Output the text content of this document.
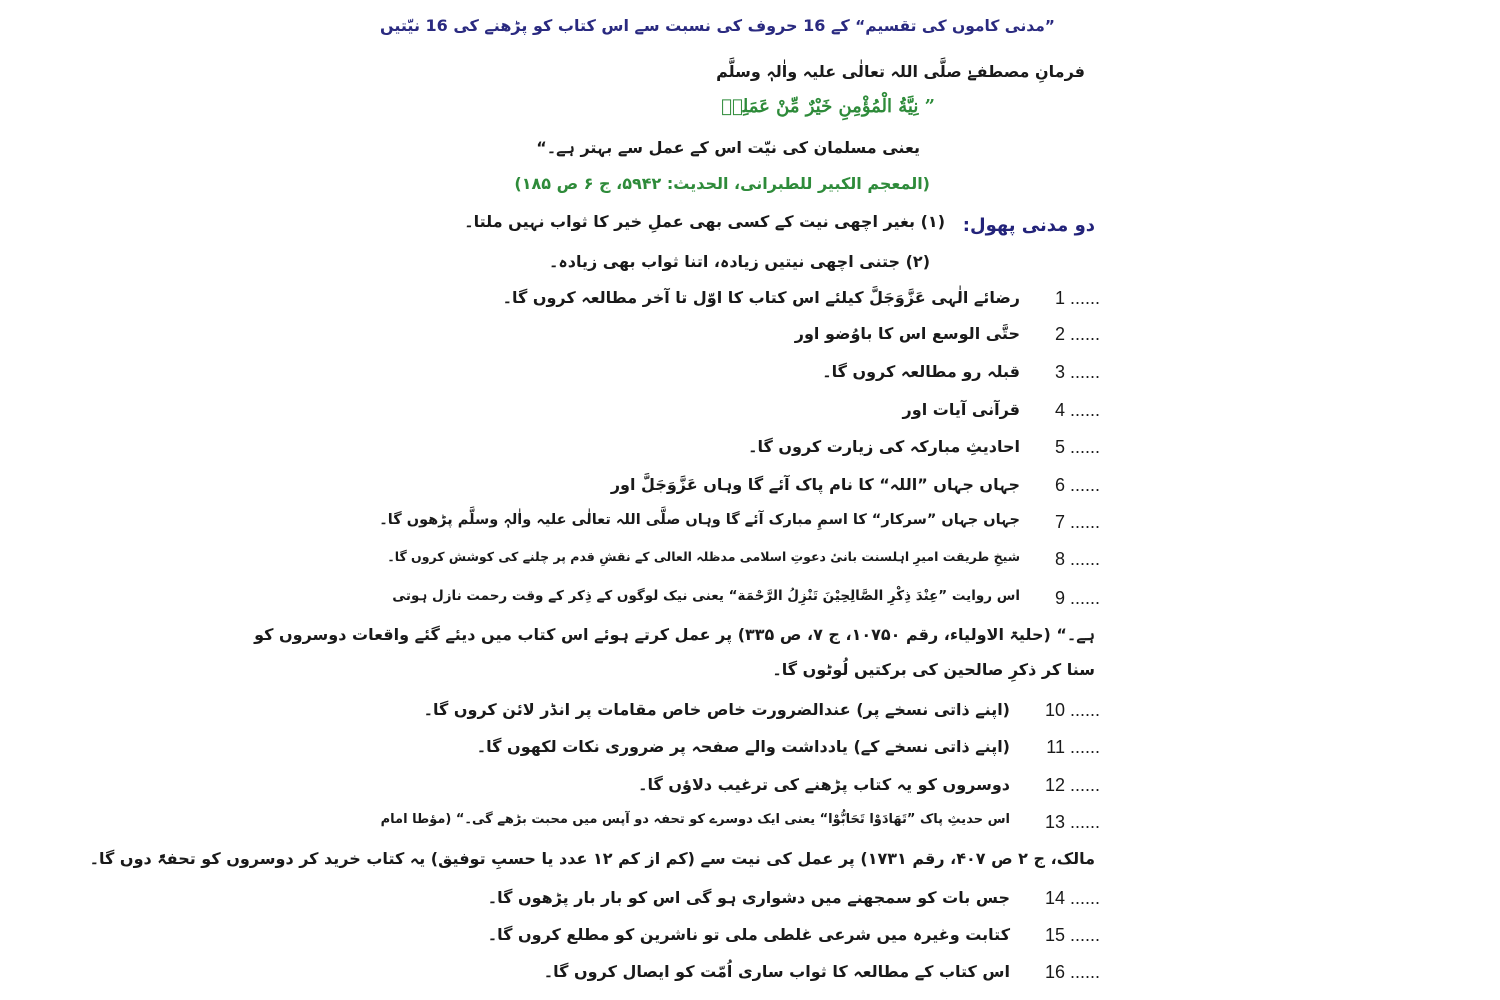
”مدنی کاموں کی تقسیم“ کے 16 حروف کی نسبت سے اس کتاب کو پڑھنے کی 16 نیّتیں
فرمانِ مصطفےٰ صلَّی اللہ تعالٰی علیہ واٰلہٖ وسلَّم
” نِيَّةُ الْمُؤْمِنِ خَيْرٌ مِّنْ عَمَلِهٖ
یعنی مسلمان کی نیّت اس کے عمل سے بہتر ہے۔“
(المعجم الکبیر للطبرانی، الحدیث: ۵۹۴۲، ج ۶ ص ۱۸۵)
دو مدنی پھول:
(۱) بغیر اچھی نیت کے کسی بھی عملِ خیر کا ثواب نہیں ملتا۔
(۲) جتنی اچھی نیتیں زیادہ، اتنا ثواب بھی زیادہ۔
1 ......
رضائے الٰہی عَزَّوَجَلَّ کیلئے اس کتاب کا اوّل تا آخر مطالعہ کروں گا۔
2 ......
حتَّی الوسع اس کا باوُضو اور
3 ......
قبلہ رو مطالعہ کروں گا۔
4 ......
قرآنی آیات اور
5 ......
احادیثِ مبارکہ کی زیارت کروں گا۔
6 ......
جہاں جہاں ”اللہ“ کا نام پاک آئے گا وہاں عَزَّوَجَلَّ اور
7 ......
جہاں جہاں ”سرکار“ کا اسمِ مبارک آئے گا وہاں صلَّی اللہ تعالٰی علیہ واٰلہٖ وسلَّم پڑھوں گا۔
8 ......
شیخِ طریقت امیرِ اہلسنت بانیٔ دعوتِ اسلامی مدظلہ العالی کے نقشِ قدم پر چلنے کی کوشش کروں گا۔
9 ......
اس روایت ”عِنْدَ ذِكْرِ الصَّالِحِيْنَ تَنْزِلُ الرَّحْمَة“ یعنی نیک لوگوں کے ذِکر کے وقت رحمت نازل ہوتی
ہے۔“ (حلیۃ الاولیاء، رقم ۱۰۷۵۰، ج ۷، ص ۳۳۵) پر عمل کرتے ہوئے اس کتاب میں دیئے گئے واقعات دوسروں کو
سنا کر ذکرِ صالحین کی برکتیں لُوٹوں گا۔
10 ......
(اپنے ذاتی نسخے پر) عندالضرورت خاص خاص مقامات پر انڈر لائن کروں گا۔
11 ......
(اپنے ذاتی نسخے کے) یادداشت والے صفحہ پر ضروری نکات لکھوں گا۔
12 ......
دوسروں کو یہ کتاب پڑھنے کی ترغیب دلاؤں گا۔
13 ......
اس حدیثِ پاک ”تَهَادَوْا تَحَابُّوْا“ یعنی ایک دوسرے کو تحفہ دو آپس میں محبت بڑھے گی۔“ (مؤطا امام
مالک، ج ۲ ص ۴۰۷، رقم ۱۷۳۱) پر عمل کی نیت سے (کم از کم ۱۲ عدد یا حسبِ توفیق) یہ کتاب خرید کر دوسروں کو تحفۃً دوں گا۔
14 ......
جس بات کو سمجھنے میں دشواری ہو گی اس کو بار بار پڑھوں گا۔
15 ......
کتابت وغیرہ میں شرعی غلطی ملی تو ناشرین کو مطلع کروں گا۔
16 ......
اس کتاب کے مطالعہ کا ثواب ساری اُمّت کو ایصال کروں گا۔
